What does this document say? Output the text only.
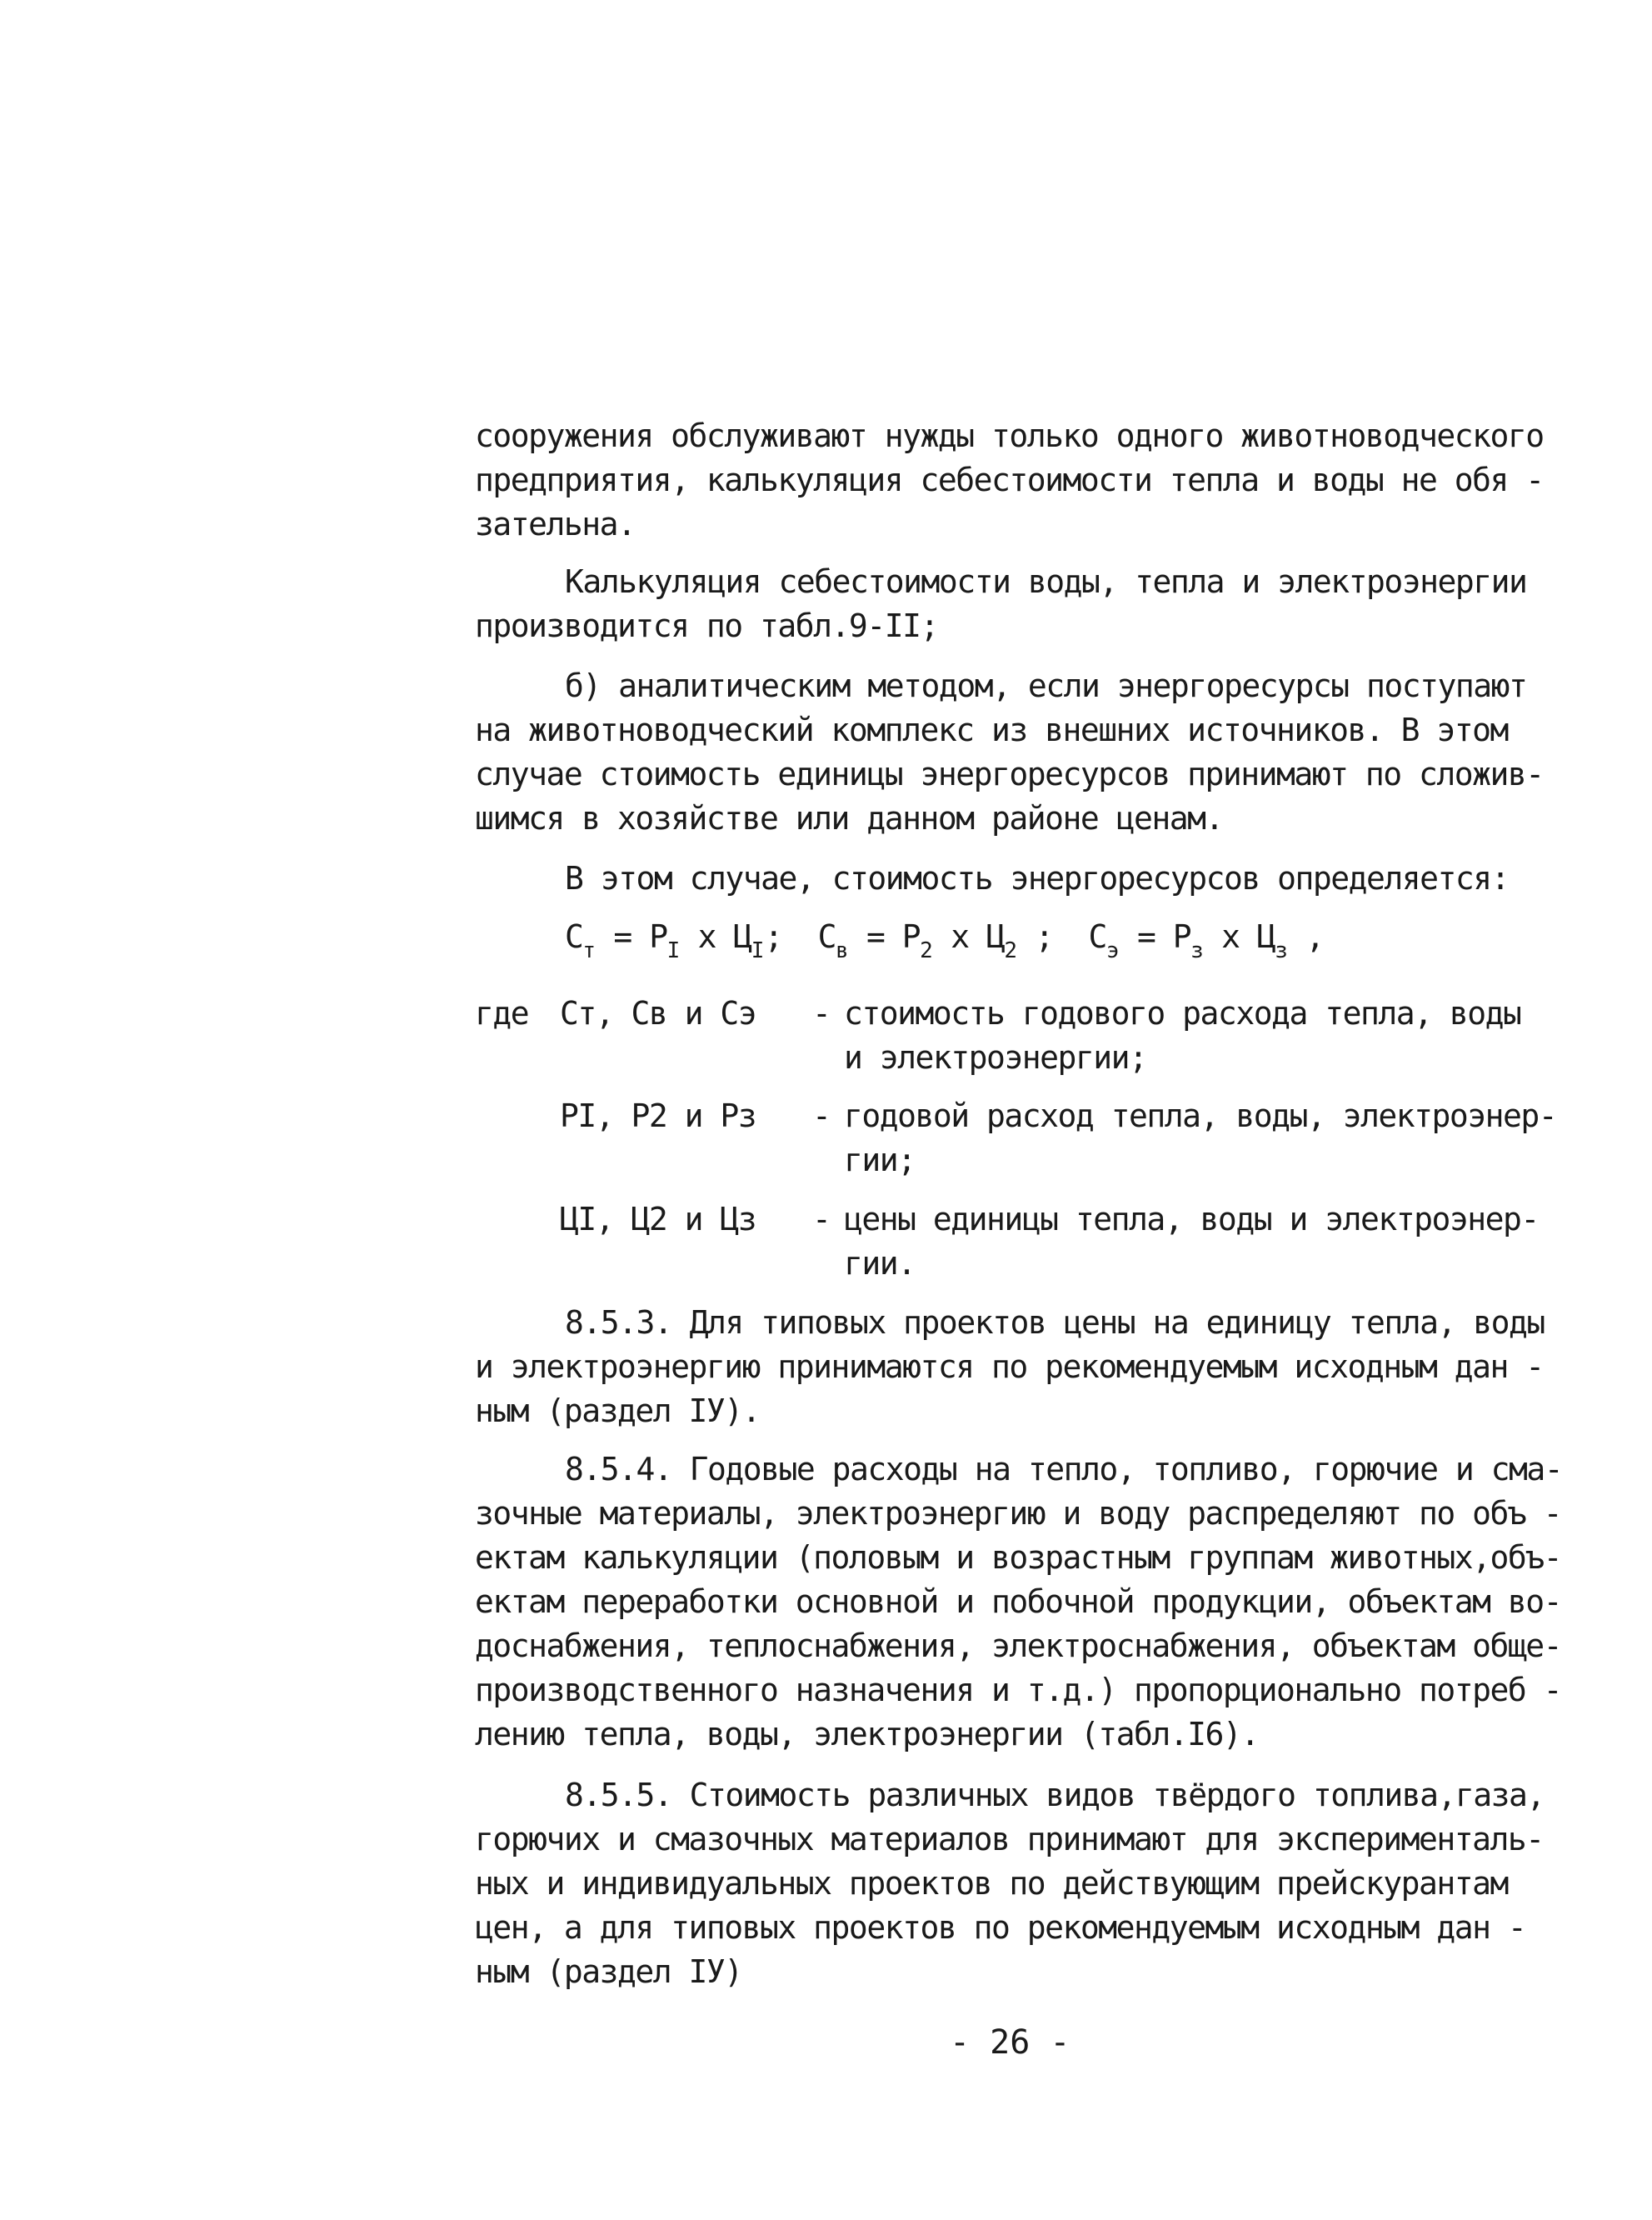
сооружения обслуживают нужды только одного животноводческого
предприятия, калькуляция себестоимости тепла и воды не обя -
зательна.
Калькуляция себестоимости воды, тепла и электроэнергии
производится по табл.9-II;
б) аналитическим методом, если энергоресурсы поступают
на животноводческий комплекс из внешних источников. В этом
случае стоимость единицы энергоресурсов принимают по сложив-
шимся в хозяйстве или данном районе ценам.
В этом случае, стоимость энергоресурсов определяется:
$С_т = Р_I$ x $Ц_I$;  $С_в = Р_2$ x $Ц_2$ ;  $С_э = Р_з$ x $Ц_з$ ,
где Ст, Св и Сэ - стоимость годового расхода тепла, воды
и электроэнергии;
РI, Р2 и Рз - годовой расход тепла, воды, электроэнер-
гии;
ЦI, Ц2 и Цз - цены единицы тепла, воды и электроэнер-
гии.
8.5.3. Для типовых проектов цены на единицу тепла, воды
и электроэнергию принимаются по рекомендуемым исходным дан -
ным (раздел IУ).
8.5.4. Годовые расходы на тепло, топливо, горючие и сма-
зочные материалы, электроэнергию и воду распределяют по объ -
ектам калькуляции (половым и возрастным группам животных,объ-
ектам переработки основной и побочной продукции, объектам во-
доснабжения, теплоснабжения, электроснабжения, объектам обще-
производственного назначения и т.д.) пропорционально потреб -
лению тепла, воды, электроэнергии (табл.I6).
8.5.5. Стоимость различных видов твёрдого топлива,газа,
горючих и смазочных материалов принимают для эксперименталь-
ных и индивидуальных проектов по действующим прейскурантам
цен, а для типовых проектов по рекомендуемым исходным дан -
ным (раздел IУ)
- 26 -
